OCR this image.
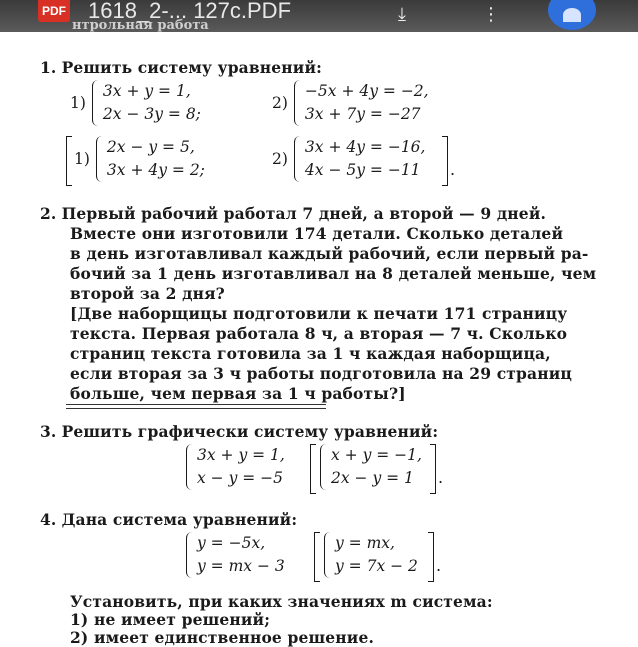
PDF
нтрольная работа
1618_2-... 127c.PDF	⤓	⋮
1. Решить систему уравнений:
1)
3x + y = 1,
2x − 3y = 8;
2)
−5x + 4y = −2,
3x + 7y = −27
1)
2x − y = 5,
3x + 4y = 2;
2)
3x + 4y = −16,
4x − 5y = −11	.
2. Первый рабочий работал 7 дней, а второй — 9 дней.
Вместе они изготовили 174 детали. Сколько деталей
в день изготавливал каждый рабочий, если первый ра-
бочий за 1 день изготавливал на 8 деталей меньше, чем
второй за 2 дня?
[Две наборщицы подготовили к печати 171 страницу
текста. Первая работала 8 ч, а вторая — 7 ч. Сколько
страниц текста готовила за 1 ч каждая наборщица,
если вторая за 3 ч работы подготовила на 29 страниц
больше, чем первая за 1 ч работы?]
3. Решить графически систему уравнений:
3x + y = 1,
x − y = −5
x + y = −1,
2x − y = 1	.
4. Дана система уравнений:
y = −5x,
y = mx − 3
y = mx,
y = 7x − 2 .
Установить, при каких значениях m система:
1) не имеет решений;
2) имеет единственное решение.
